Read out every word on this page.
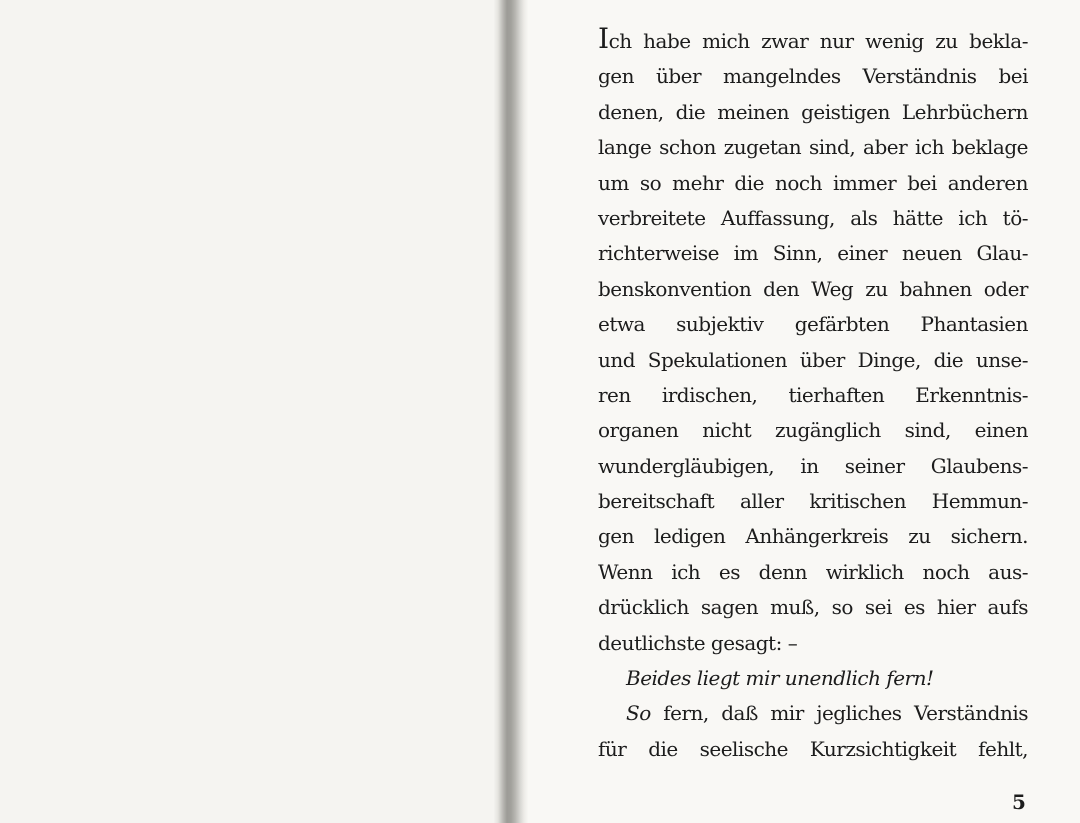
Ich habe mich zwar nur wenig zu bekla-
gen über mangelndes Verständnis bei
denen, die meinen geistigen Lehrbüchern
lange schon zugetan sind, aber ich beklage
um so mehr die noch immer bei anderen
verbreitete Auffassung, als hätte ich tö-
richterweise im Sinn, einer neuen Glau-
benskonvention den Weg zu bahnen oder
etwa subjektiv gefärbten Phantasien
und Spekulationen über Dinge, die unse-
ren irdischen, tierhaften Erkenntnis-
organen nicht zugänglich sind, einen
wundergläubigen, in seiner Glaubens-
bereitschaft aller kritischen Hemmun-
gen ledigen Anhängerkreis zu sichern.
Wenn ich es denn wirklich noch aus-
drücklich sagen muß, so sei es hier aufs
deutlichste gesagt: –
Beides liegt mir unendlich fern!
So fern, daß mir jegliches Verständnis
für die seelische Kurzsichtigkeit fehlt,
5
